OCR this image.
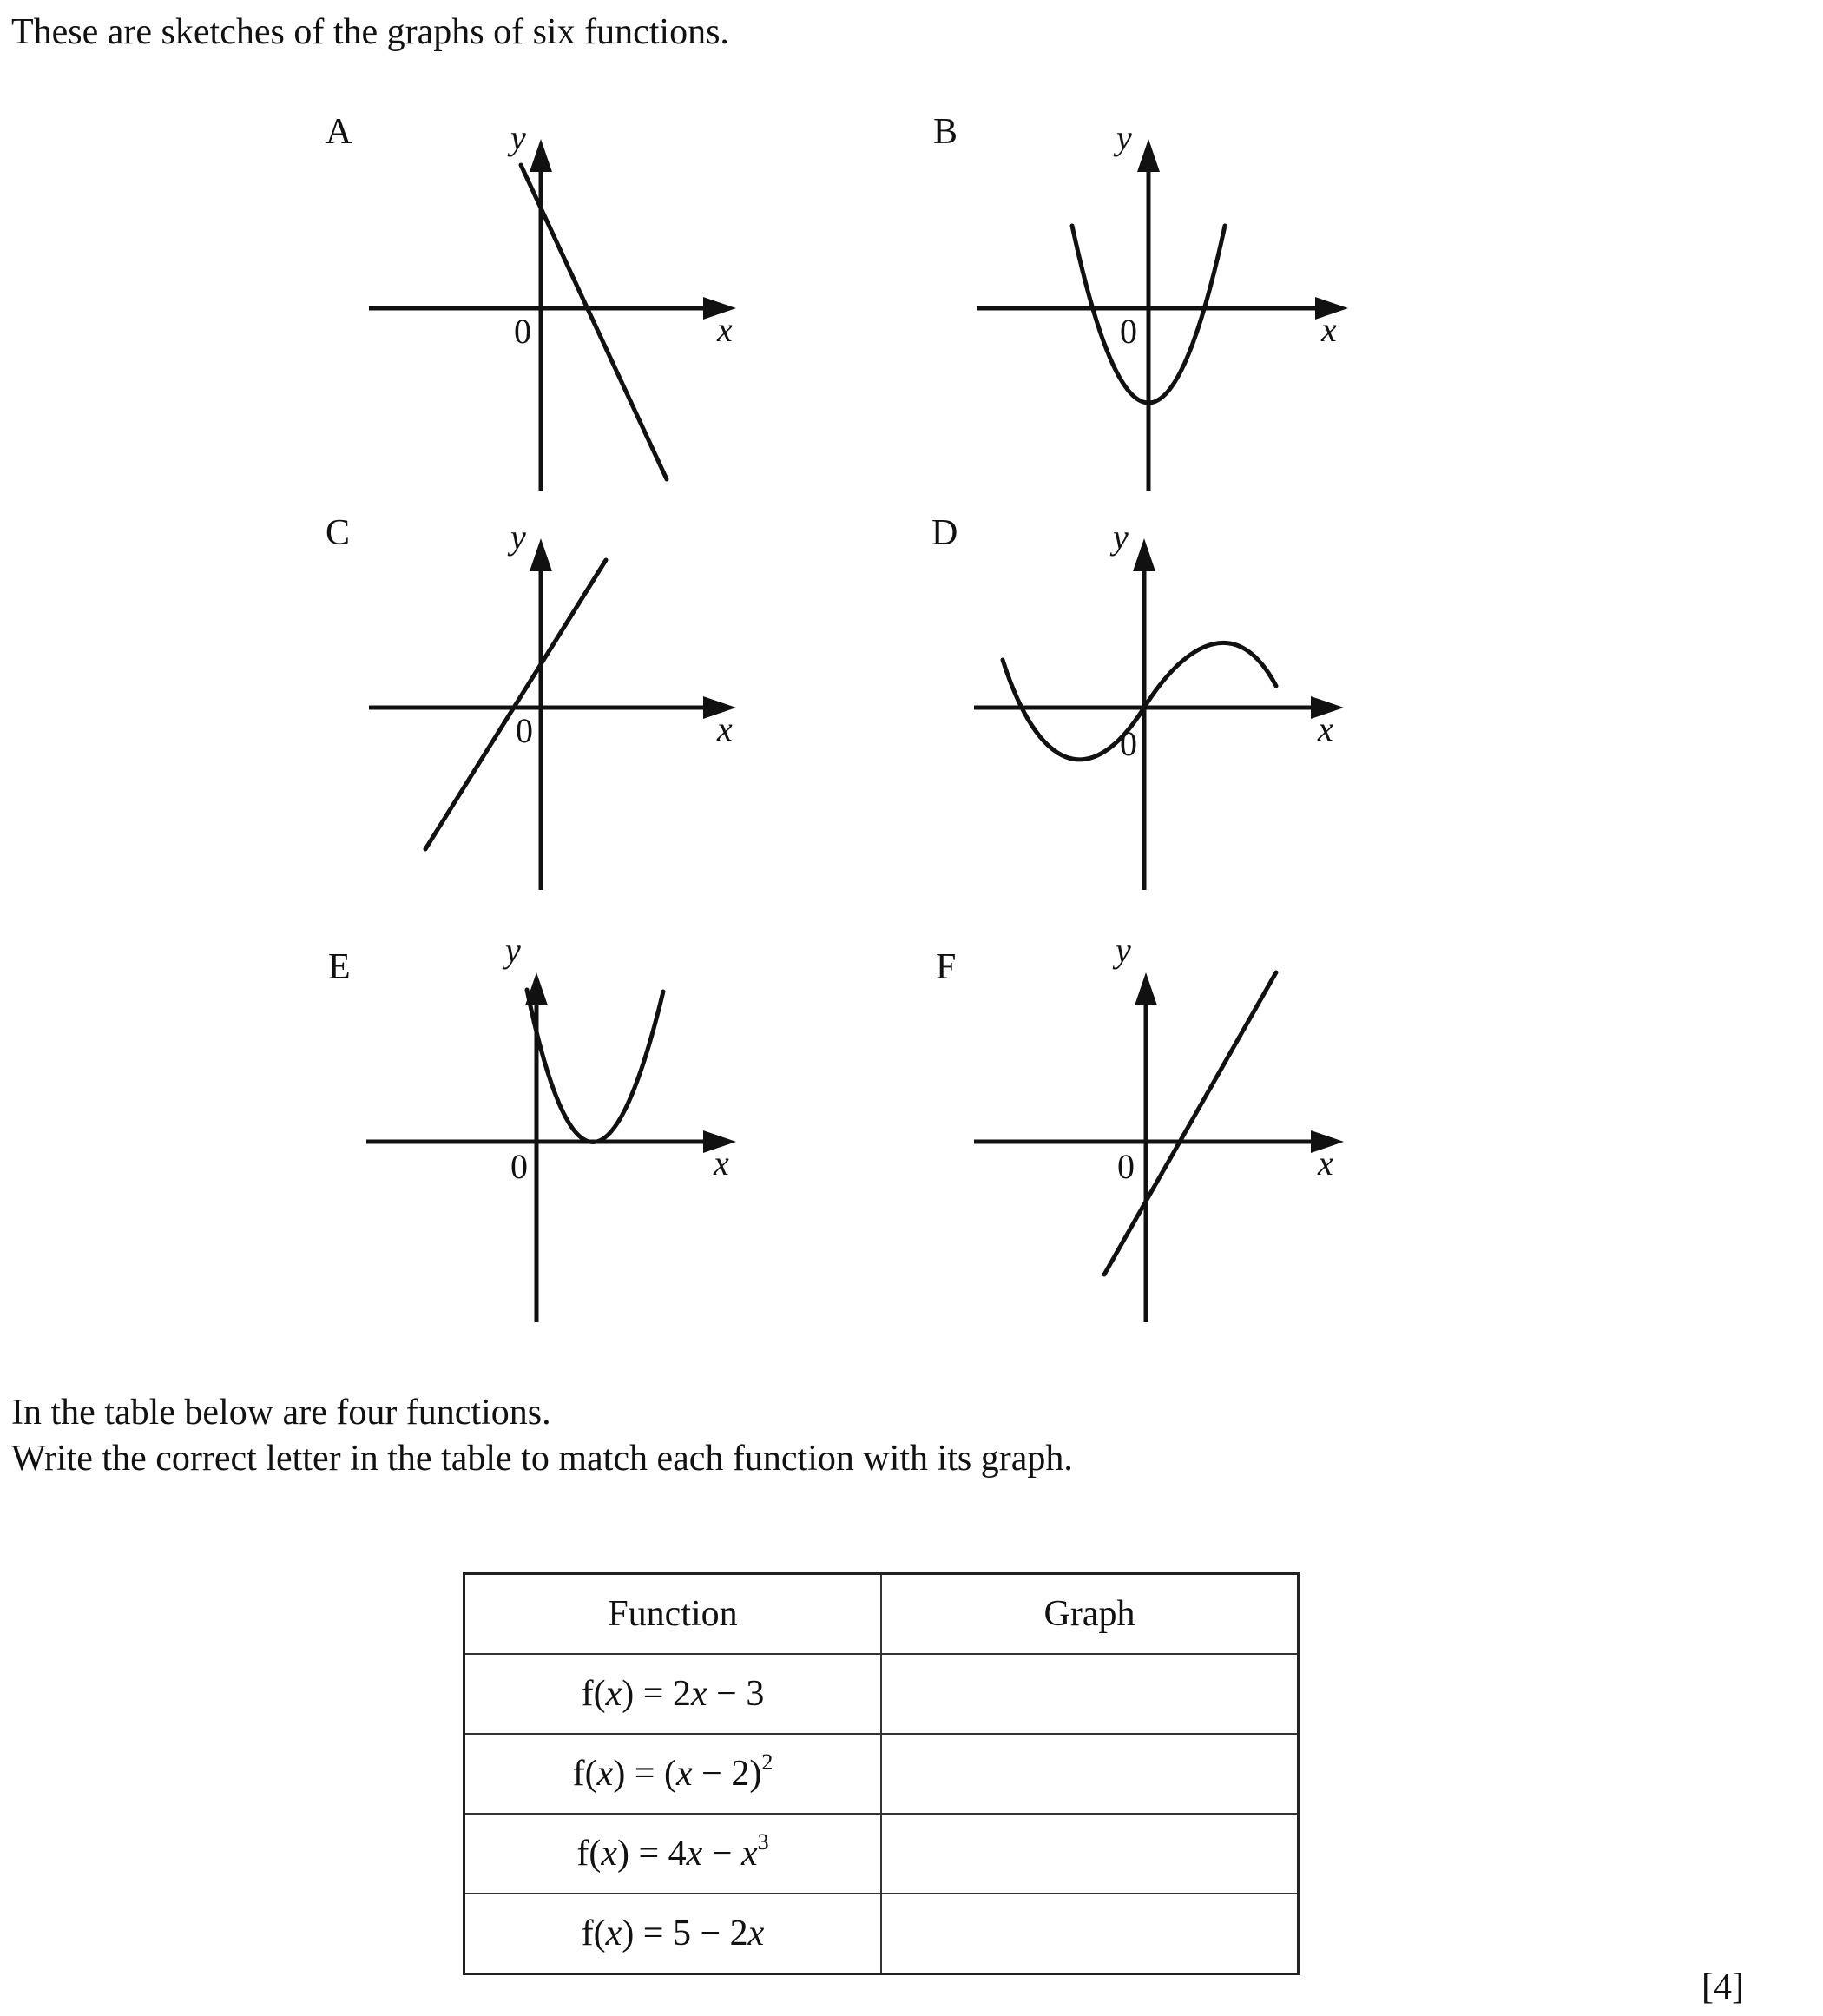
These are sketches of the graphs of six functions.
A	y
x
0
B	y
x
0
C	y
x
0
D	y
x
0
E	y
x
0
F	y
x
0
In the table below are four functions.
Write the correct letter in the table to match each function with its graph.
Function	Graph
f(x) = 2x − 3	
$f(x) = (x - 2)^2$	
$f(x) = 4x - x^3$	
f(x) = 5 − 2x	
[4]
